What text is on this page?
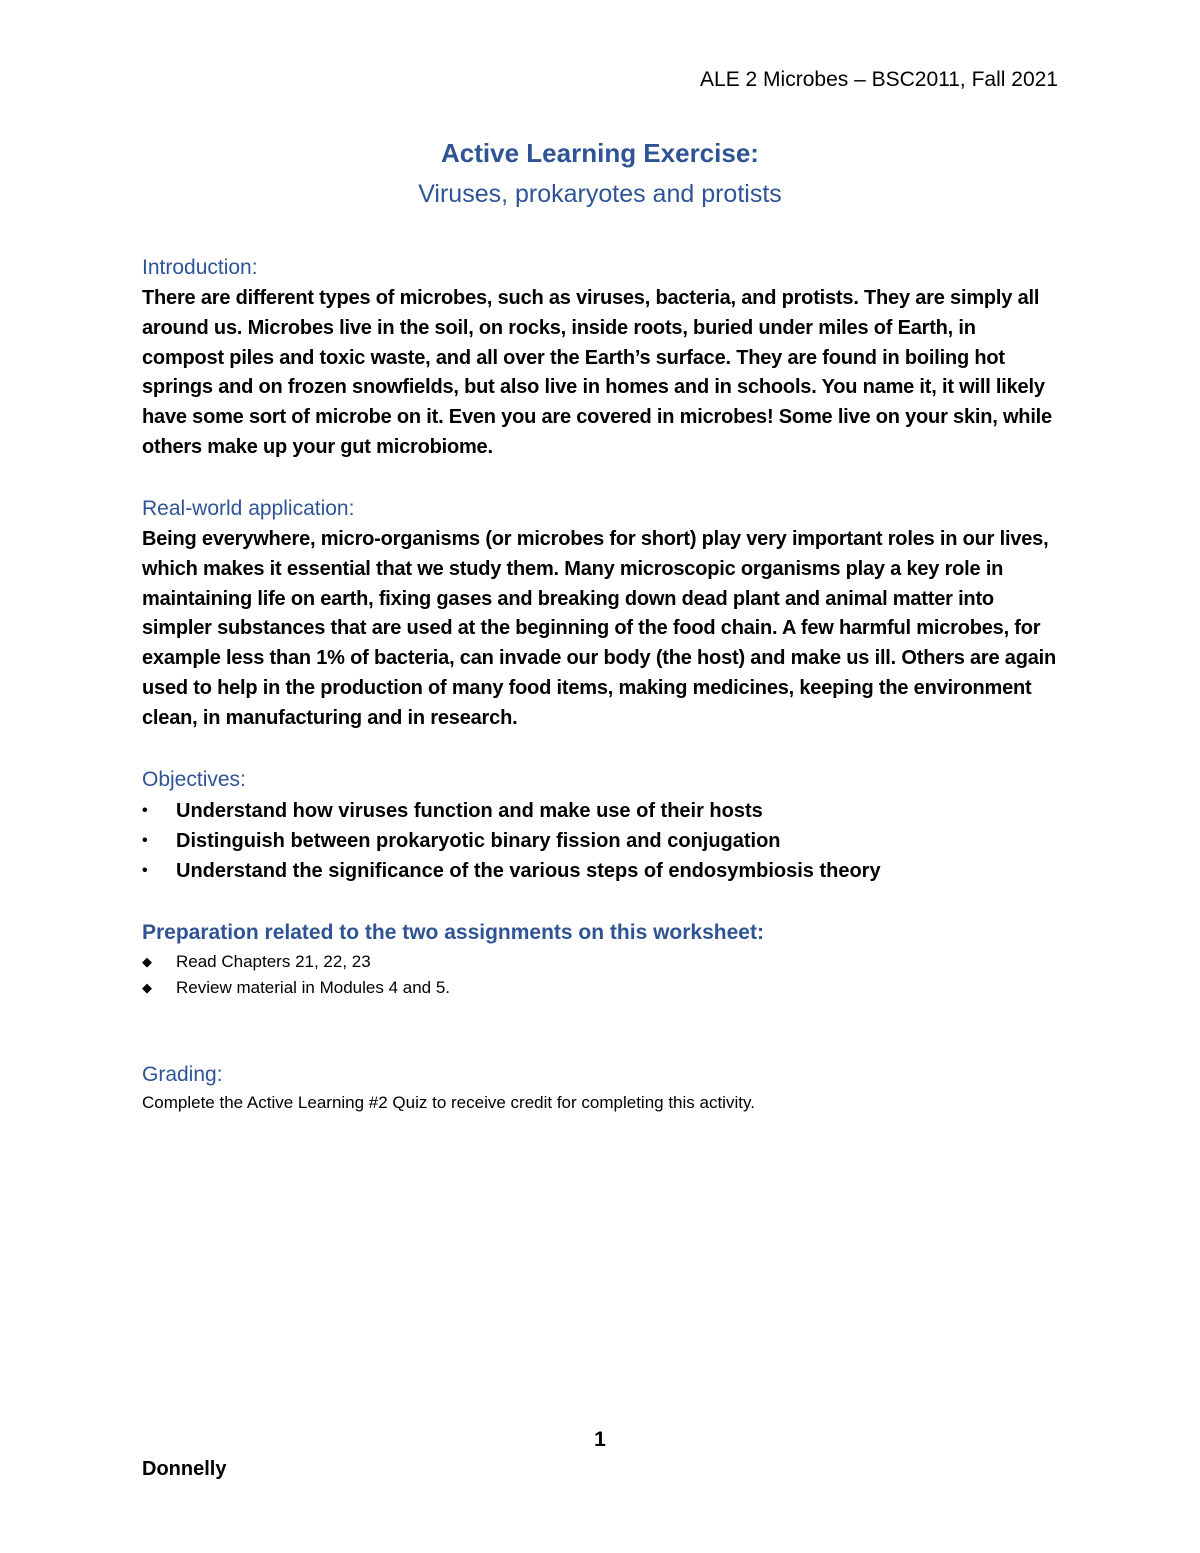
ALE 2 Microbes – BSC2011, Fall 2021
Active Learning Exercise:
Viruses, prokaryotes and protists
Introduction:

There are different types of microbes, such as viruses, bacteria, and protists. They are simply all around us. Microbes live in the soil, on rocks, inside roots, buried under miles of Earth, in compost piles and toxic waste, and all over the Earth’s surface. They are found in boiling hot springs and on frozen snowfields, but also live in homes and in schools. You name it, it will likely have some sort of microbe on it. Even you are covered in microbes! Some live on your skin, while others make up your gut microbiome.

Real-world application:

Being everywhere, micro-organisms (or microbes for short) play very important roles in our lives, which makes it essential that we study them. Many microscopic organisms play a key role in maintaining life on earth, fixing gases and breaking down dead plant and animal matter into simpler substances that are used at the beginning of the food chain. A few harmful microbes, for example less than 1% of bacteria, can invade our body (the host) and make us ill. Others are again used to help in the production of many food items, making medicines, keeping the environment clean, in manufacturing and in research.

Objectives:
• Understand how viruses function and make use of their hosts
• Distinguish between prokaryotic binary fission and conjugation
• Understand the significance of the various steps of endosymbiosis theory
Preparation related to the two assignments on this worksheet:
◆ Read Chapters 21, 22, 23
◆ Review material in Modules 4 and 5.
Grading:

Complete the Active Learning #2 Quiz to receive credit for completing this activity.

1
Donnelly
